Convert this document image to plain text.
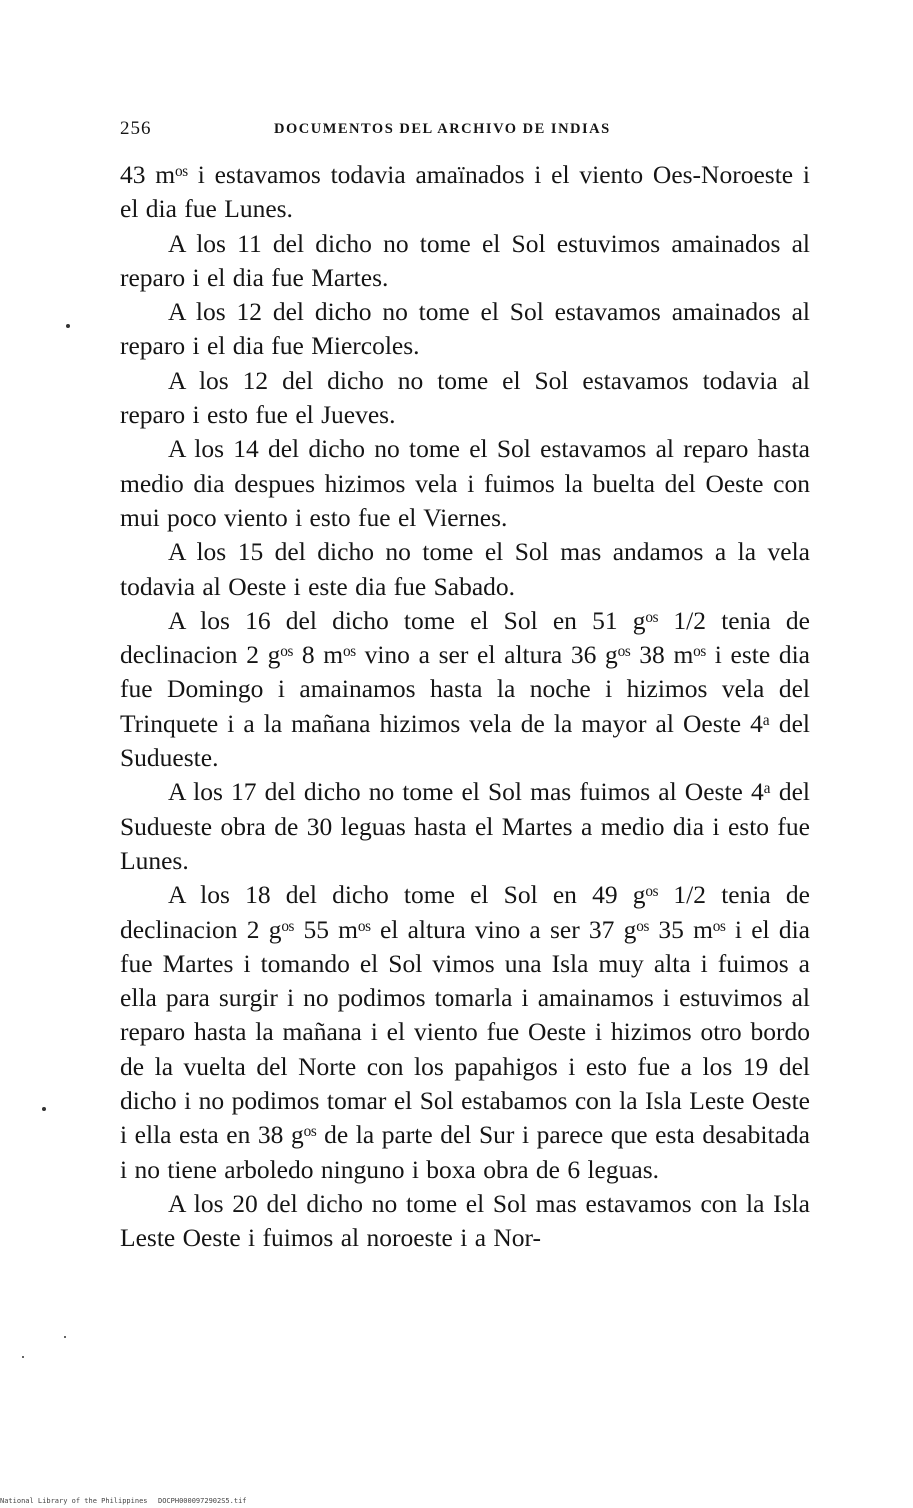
256	DOCUMENTOS DEL ARCHIVO DE INDIAS

43 mᵒˢ i estavamos todavia amaïnados i el viento Oes-Noroeste i el dia fue Lunes.

A los 11 del dicho no tome el Sol estuvimos amainados al reparo i el dia fue Martes.

A los 12 del dicho no tome el Sol estavamos amainados al reparo i el dia fue Miercoles.

A los 12 del dicho no tome el Sol estavamos todavia al reparo i esto fue el Jueves.

A los 14 del dicho no tome el Sol estavamos al reparo hasta medio dia despues hizimos vela i fuimos la buelta del Oeste con mui poco viento i esto fue el Viernes.

A los 15 del dicho no tome el Sol mas andamos a la vela todavia al Oeste i este dia fue Sabado.

A los 16 del dicho tome el Sol en 51 gᵒˢ 1/2 tenia de declinacion 2 gᵒˢ 8 mᵒˢ vino a ser el altura 36 gᵒˢ 38 mᵒˢ i este dia fue Domingo i amainamos hasta la noche i hizimos vela del Trinquete i a la mañana hizimos vela de la mayor al Oeste 4ᵃ del Sudueste.

A los 17 del dicho no tome el Sol mas fuimos al Oeste 4ᵃ del Sudueste obra de 30 leguas hasta el Martes a medio dia i esto fue Lunes.

A los 18 del dicho tome el Sol en 49 gᵒˢ 1/2 tenia de declinacion 2 gᵒˢ 55 mᵒˢ el altura vino a ser 37 gᵒˢ 35 mᵒˢ i el dia fue Martes i tomando el Sol vimos una Isla muy alta i fuimos a ella para surgir i no podimos tomarla i amainamos i estuvimos al reparo hasta la mañana i el viento fue Oeste i hizimos otro bordo de la vuelta del Norte con los papahigos i esto fue a los 19 del dicho i no podimos tomar el Sol estabamos con la Isla Leste Oeste i ella esta en 38 gᵒˢ de la parte del Sur i parece que esta desabitada i no tiene arboledo ninguno i boxa obra de 6 leguas.

A los 20 del dicho no tome el Sol mas estavamos con la Isla Leste Oeste i fuimos al noroeste i a Nor-

National Library of the Philippines DOCPH0000972902S5.tif
